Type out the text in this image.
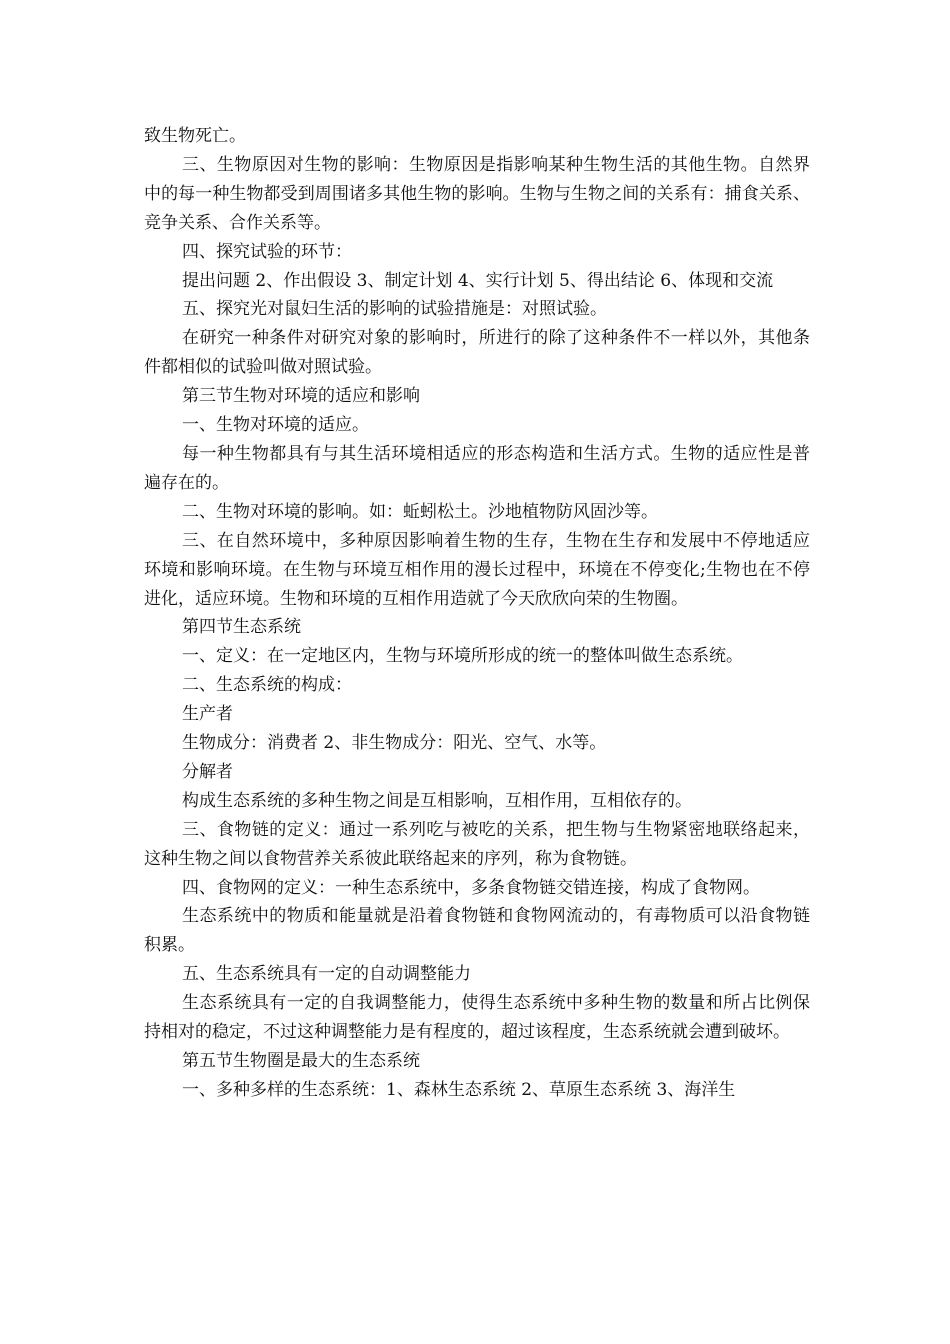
致生物死亡。

三、生物原因对生物的影响：生物原因是指影响某种生物生活的其他生物。自然界中的每一种生物都受到周围诸多其他生物的影响。生物与生物之间的关系有：捕食关系、竞争关系、合作关系等。

四、探究试验的环节：

提出问题 2、作出假设 3、制定计划 4、实行计划 5、得出结论 6、体现和交流

五、探究光对鼠妇生活的影响的试验措施是：对照试验。

在研究一种条件对研究对象的影响时，所进行的除了这种条件不一样以外，其他条件都相似的试验叫做对照试验。

第三节生物对环境的适应和影响

一、生物对环境的适应。

每一种生物都具有与其生活环境相适应的形态构造和生活方式。生物的适应性是普遍存在的。

二、生物对环境的影响。如：蚯蚓松土。沙地植物防风固沙等。

三、在自然环境中，多种原因影响着生物的生存，生物在生存和发展中不停地适应环境和影响环境。在生物与环境互相作用的漫长过程中，环境在不停变化;生物也在不停进化，适应环境。生物和环境的互相作用造就了今天欣欣向荣的生物圈。

第四节生态系统

一、定义：在一定地区内，生物与环境所形成的统一的整体叫做生态系统。

二、生态系统的构成：

生产者

生物成分：消费者 2、非生物成分：阳光、空气、水等。

分解者

构成生态系统的多种生物之间是互相影响，互相作用，互相依存的。

三、食物链的定义：通过一系列吃与被吃的关系，把生物与生物紧密地联络起来，这种生物之间以食物营养关系彼此联络起来的序列，称为食物链。

四、食物网的定义：一种生态系统中，多条食物链交错连接，构成了食物网。

生态系统中的物质和能量就是沿着食物链和食物网流动的，有毒物质可以沿食物链积累。

五、生态系统具有一定的自动调整能力

生态系统具有一定的自我调整能力，使得生态系统中多种生物的数量和所占比例保持相对的稳定，不过这种调整能力是有程度的，超过该程度，生态系统就会遭到破坏。

第五节生物圈是最大的生态系统

一、多种多样的生态系统：1、森林生态系统 2、草原生态系统 3、海洋生
